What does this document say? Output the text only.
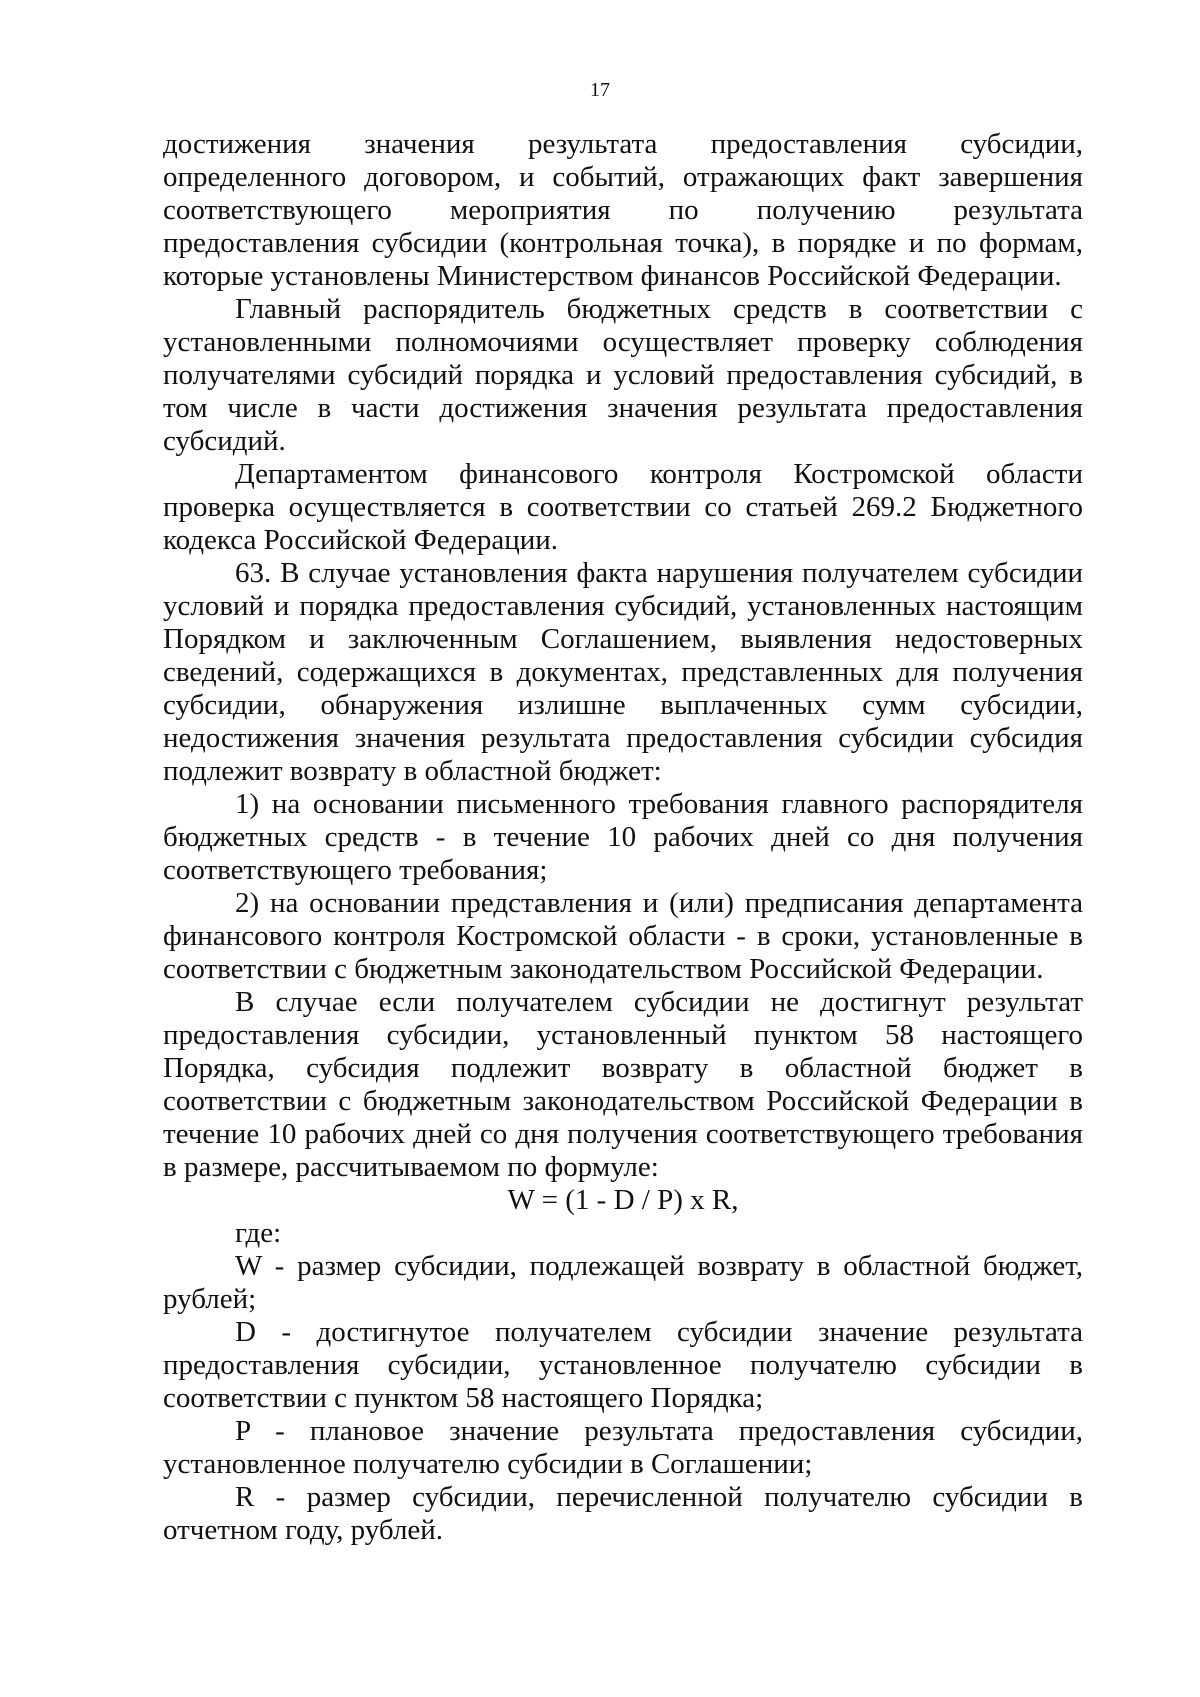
17

достижения значения результата предоставления субсидии, определенного договором, и событий, отражающих факт завершения соответствующего мероприятия по получению результата предоставления субсидии (контрольная точка), в порядке и по формам, которые установлены Министерством финансов Российской Федерации.

Главный распорядитель бюджетных средств в соответствии с установленными полномочиями осуществляет проверку соблюдения получателями субсидий порядка и условий предоставления субсидий, в том числе в части достижения значения результата предоставления субсидий.

Департаментом финансового контроля Костромской области проверка осуществляется в соответствии со статьей 269.2 Бюджетного кодекса Российской Федерации.

63. В случае установления факта нарушения получателем субсидии условий и порядка предоставления субсидий, установленных настоящим Порядком и заключенным Соглашением, выявления недостоверных сведений, содержащихся в документах, представленных для получения субсидии, обнаружения излишне выплаченных сумм субсидии, недостижения значения результата предоставления субсидии субсидия подлежит возврату в областной бюджет:

1) на основании письменного требования главного распорядителя бюджетных средств - в течение 10 рабочих дней со дня получения соответствующего требования;

2) на основании представления и (или) предписания департамента финансового контроля Костромской области - в сроки, установленные в соответствии с бюджетным законодательством Российской Федерации.

В случае если получателем субсидии не достигнут результат предоставления субсидии, установленный пунктом 58 настоящего Порядка, субсидия подлежит возврату в областной бюджет в соответствии с бюджетным законодательством Российской Федерации в течение 10 рабочих дней со дня получения соответствующего требования в размере, рассчитываемом по формуле:

W = (1 - D / P) x R,

где:

W - размер субсидии, подлежащей возврату в областной бюджет, рублей;

D - достигнутое получателем субсидии значение результата предоставления субсидии, установленное получателю субсидии в соответствии с пунктом 58 настоящего Порядка;

P - плановое значение результата предоставления субсидии, установленное получателю субсидии в Соглашении;

R - размер субсидии, перечисленной получателю субсидии в отчетном году, рублей.
